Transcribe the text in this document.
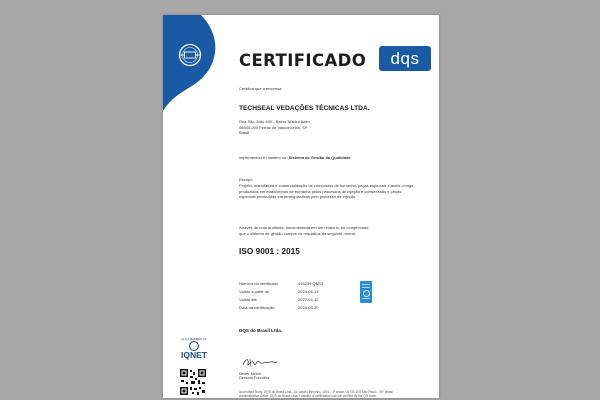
CERTIFICADO	dqs
Certifica que a empresa
TECHSEAL VEDAÇÕES TÉCNICAS LTDA.
Rua São João 600 - Bairro Núcleo Itaim
08540-200 Ferraz de Vasconcelos, SP
Brasil
implementou e mantém um Sistema de Gestão da Qualidade.
Escopo:
Projeto, manufatura e comercialização de compostos de borracha, peças especiais e anéis o'rings
produzidos em elastômeros de borracha pelos processos de injeção e compressão e peças
especiais produzidas em termoplásticos pelo processo de injeção.
Através de uma auditoria, documentada em um relatório, foi comprovado
que o sistema de gestão cumpre os requisitos da seguinte norma:
ISO 9001 : 2015
Número do certificado	416239 QM15
Válido a partir de	2024-04-13
Válido até	2027-04-12
Data da certificação	2024-03-20
DQS do Brasil Ltda.
Dexter Minieri
Diretoria Executiva
Accredited Body: DQS do Brasil Ltda., Av. Adolfo Pinheiro, 1001 - 3º andar, 04733-100 São Paulo - SP, Brasil
Administrative Office: DQS do Brasil Ltda. / Validity of certification can be verified by the QR code.
IQ & A MEMBER OF
IQNET
